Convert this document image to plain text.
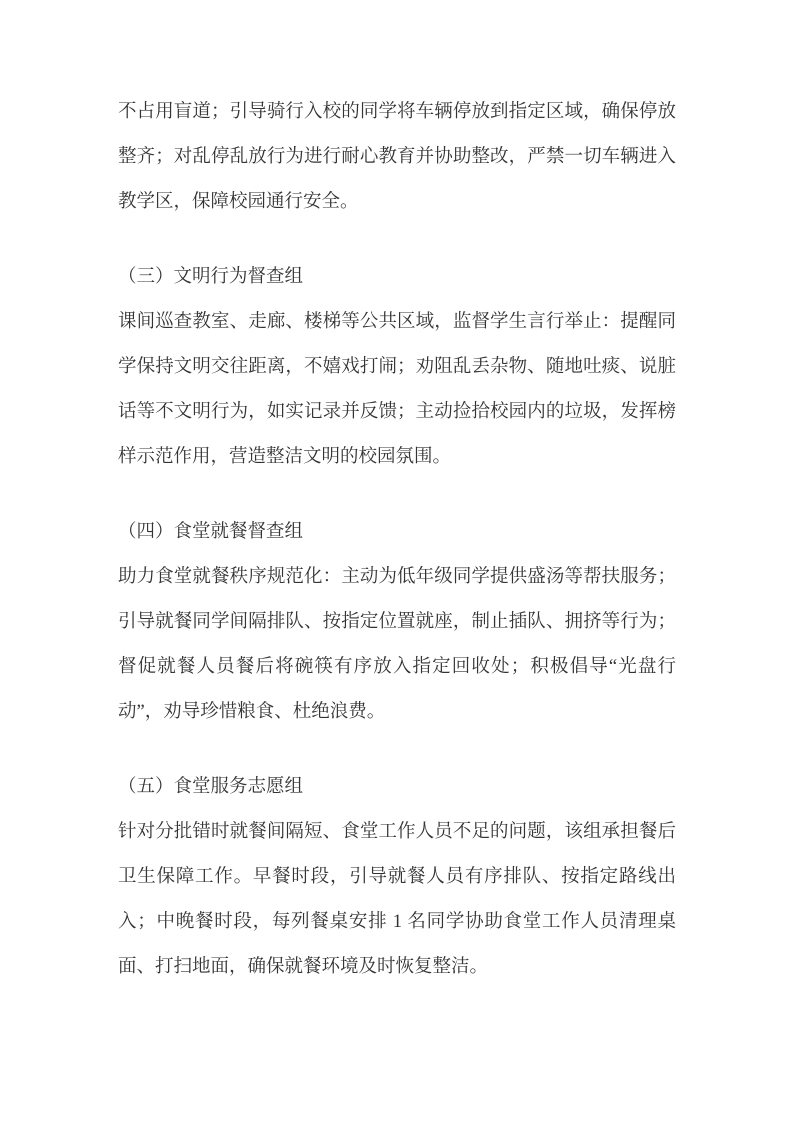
不占用盲道；引导骑行入校的同学将车辆停放到指定区域，确保停放整齐；对乱停乱放行为进行耐心教育并协助整改，严禁一切车辆进入教学区，保障校园通行安全。

（三）文明行为督查组

课间巡查教室、走廊、楼梯等公共区域，监督学生言行举止：提醒同学保持文明交往距离，不嬉戏打闹；劝阻乱丢杂物、随地吐痰、说脏话等不文明行为，如实记录并反馈；主动捡拾校园内的垃圾，发挥榜样示范作用，营造整洁文明的校园氛围。

（四）食堂就餐督查组

助力食堂就餐秩序规范化：主动为低年级同学提供盛汤等帮扶服务；引导就餐同学间隔排队、按指定位置就座，制止插队、拥挤等行为；督促就餐人员餐后将碗筷有序放入指定回收处；积极倡导“光盘行动”，劝导珍惜粮食、杜绝浪费。

（五）食堂服务志愿组

针对分批错时就餐间隔短、食堂工作人员不足的问题，该组承担餐后卫生保障工作。早餐时段，引导就餐人员有序排队、按指定路线出入；中晚餐时段，每列餐桌安排 1 名同学协助食堂工作人员清理桌面、打扫地面，确保就餐环境及时恢复整洁。
